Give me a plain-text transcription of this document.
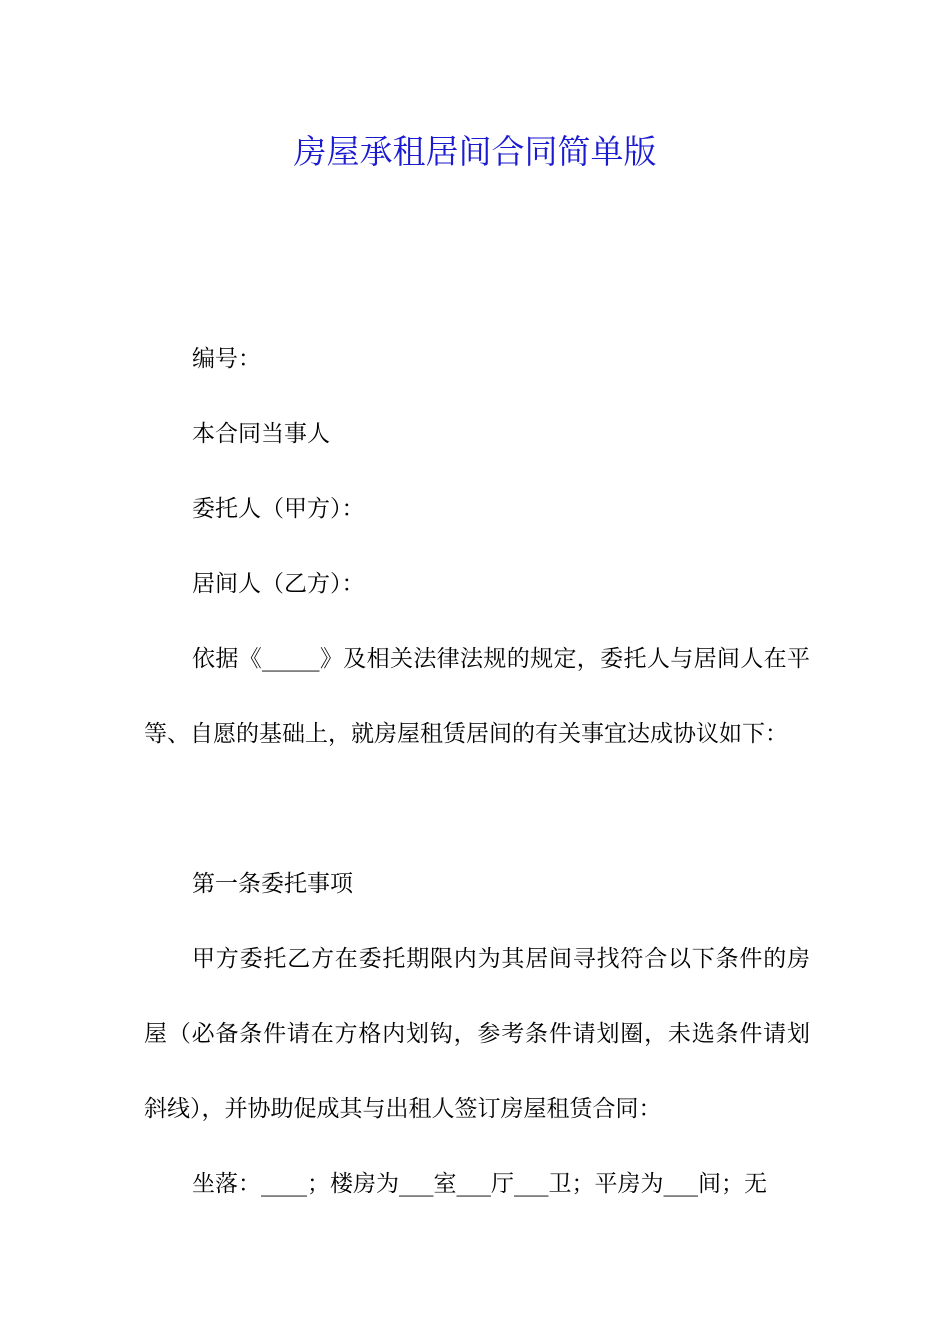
房屋承租居间合同简单版

编号：

本合同当事人

委托人（甲方）：

居间人（乙方）：

依据《_____》及相关法律法规的规定，委托人与居间人在平等、自愿的基础上，就房屋租赁居间的有关事宜达成协议如下：

第一条委托事项

甲方委托乙方在委托期限内为其居间寻找符合以下条件的房屋（必备条件请在方格内划钩，参考条件请划圈，未选条件请划斜线），并协助促成其与出租人签订房屋租赁合同：

坐落：____；楼房为___室___厅___卫；平房为___间；无
